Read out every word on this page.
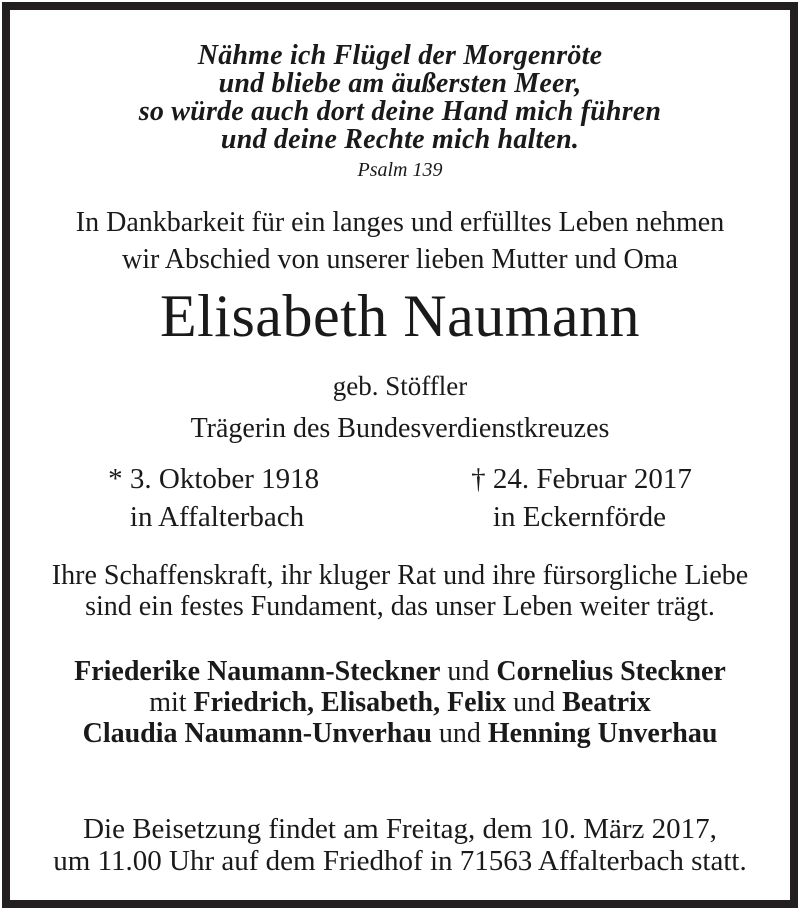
Nähme ich Flügel der Morgenröte
und bliebe am äußersten Meer,
so würde auch dort deine Hand mich führen
und deine Rechte mich halten.
Psalm 139
In Dankbarkeit für ein langes und erfülltes Leben nehmen
wir Abschied von unserer lieben Mutter und Oma
Elisabeth Naumann
geb. Stöffler
Trägerin des Bundesverdienstkreuzes
* 3. Oktober 1918
in Affalterbach
† 24. Februar 2017
in Eckernförde
Ihre Schaffenskraft, ihr kluger Rat und ihre fürsorgliche Liebe
sind ein festes Fundament, das unser Leben weiter trägt.
Friederike Naumann-Steckner und Cornelius Steckner
mit Friedrich, Elisabeth, Felix und Beatrix
Claudia Naumann-Unverhau und Henning Unverhau
Die Beisetzung findet am Freitag, dem 10. März 2017,
um 11.00 Uhr auf dem Friedhof in 71563 Affalterbach statt.
